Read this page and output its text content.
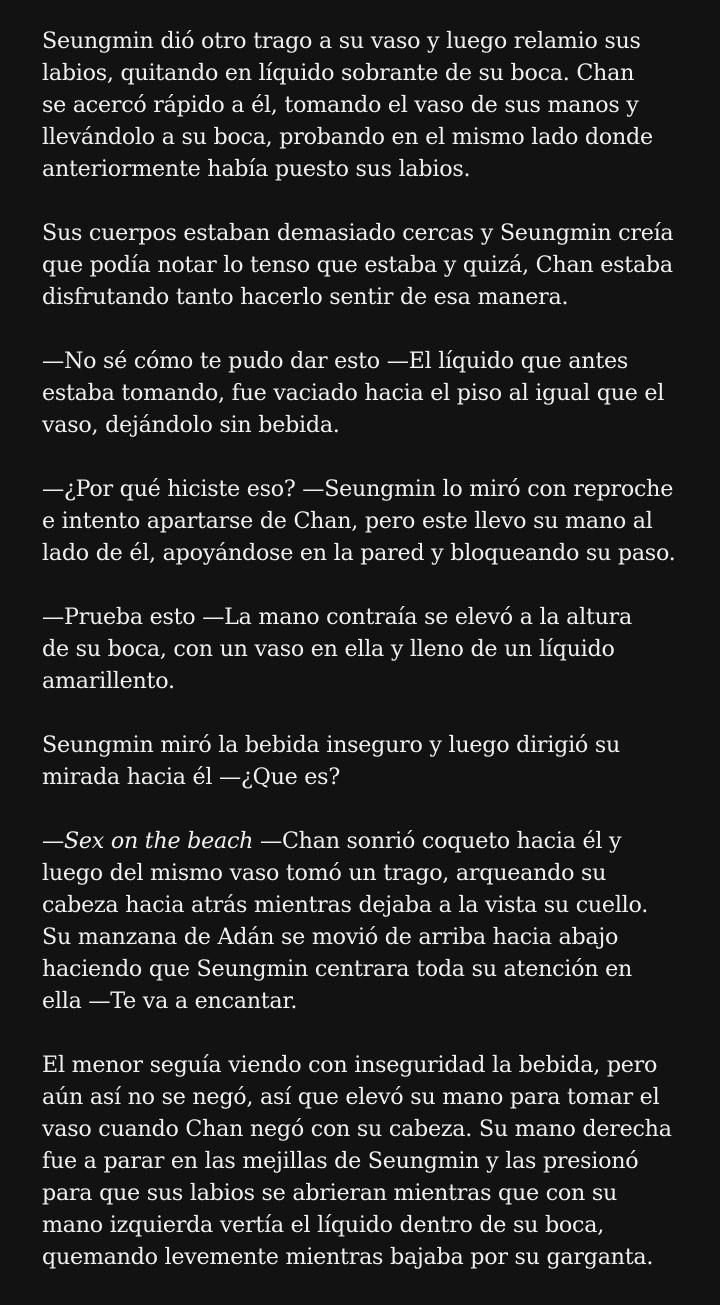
Seungmin dió otro trago a su vaso y luego relamio sus
labios, quitando en líquido sobrante de su boca. Chan
se acercó rápido a él, tomando el vaso de sus manos y
llevándolo a su boca, probando en el mismo lado donde
anteriormente había puesto sus labios.

Sus cuerpos estaban demasiado cercas y Seungmin creía
que podía notar lo tenso que estaba y quizá, Chan estaba
disfrutando tanto hacerlo sentir de esa manera.

—No sé cómo te pudo dar esto —El líquido que antes
estaba tomando, fue vaciado hacia el piso al igual que el
vaso, dejándolo sin bebida.

—¿Por qué hiciste eso? —Seungmin lo miró con reproche
e intento apartarse de Chan, pero este llevo su mano al
lado de él, apoyándose en la pared y bloqueando su paso.

—Prueba esto —La mano contraía se elevó a la altura
de su boca, con un vaso en ella y lleno de un líquido
amarillento.

Seungmin miró la bebida inseguro y luego dirigió su
mirada hacia él —¿Que es?

—Sex on the beach —Chan sonrió coqueto hacia él y
luego del mismo vaso tomó un trago, arqueando su
cabeza hacia atrás mientras dejaba a la vista su cuello.
Su manzana de Adán se movió de arriba hacia abajo
haciendo que Seungmin centrara toda su atención en
ella —Te va a encantar.

El menor seguía viendo con inseguridad la bebida, pero
aún así no se negó, así que elevó su mano para tomar el
vaso cuando Chan negó con su cabeza. Su mano derecha
fue a parar en las mejillas de Seungmin y las presionó
para que sus labios se abrieran mientras que con su
mano izquierda vertía el líquido dentro de su boca,
quemando levemente mientras bajaba por su garganta.
